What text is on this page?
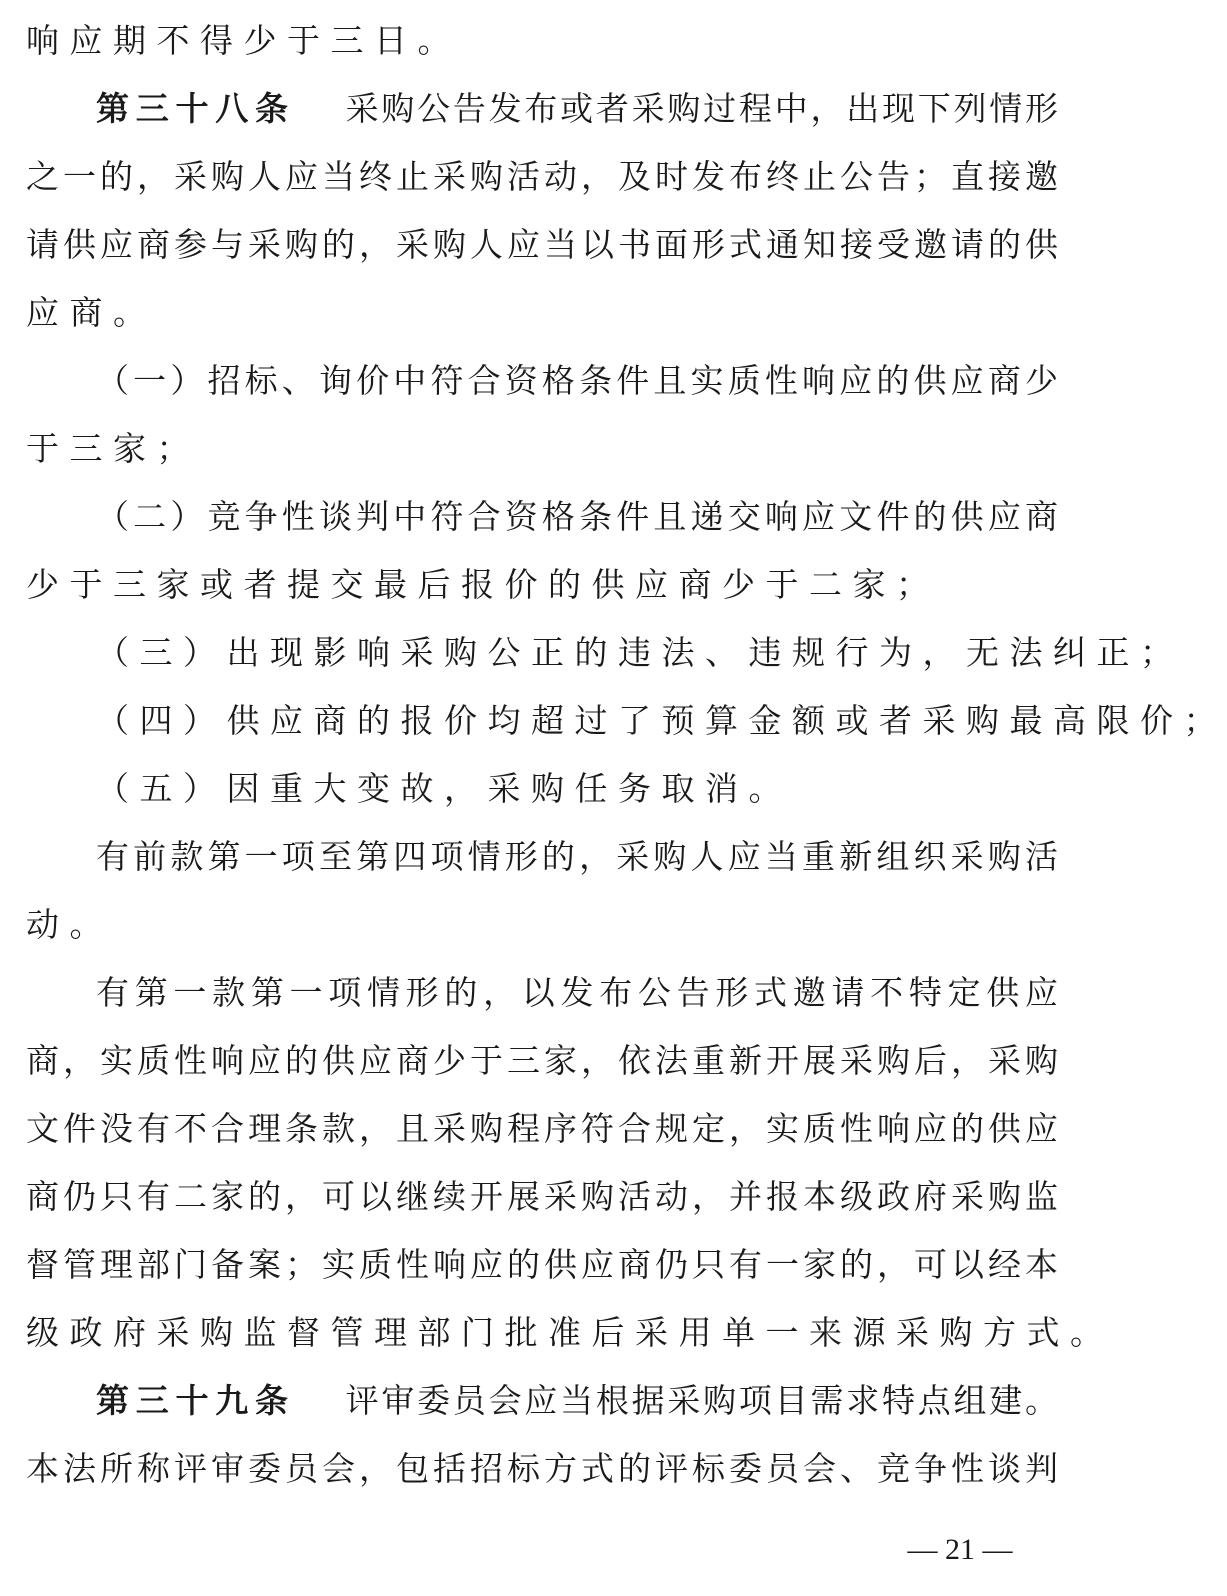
响应期不得少于三日。
第三十八条 采购公告发布或者采购过程中，出现下列情形
之一的，采购人应当终止采购活动，及时发布终止公告；直接邀
请供应商参与采购的，采购人应当以书面形式通知接受邀请的供
应商。
（一）招标、询价中符合资格条件且实质性响应的供应商少
于三家；
（二）竞争性谈判中符合资格条件且递交响应文件的供应商
少于三家或者提交最后报价的供应商少于二家；
（三）出现影响采购公正的违法、违规行为，无法纠正；
（四）供应商的报价均超过了预算金额或者采购最高限价；
（五）因重大变故，采购任务取消。
有前款第一项至第四项情形的，采购人应当重新组织采购活
动。
有第一款第一项情形的，以发布公告形式邀请不特定供应
商，实质性响应的供应商少于三家，依法重新开展采购后，采购
文件没有不合理条款，且采购程序符合规定，实质性响应的供应
商仍只有二家的，可以继续开展采购活动，并报本级政府采购监
督管理部门备案；实质性响应的供应商仍只有一家的，可以经本
级政府采购监督管理部门批准后采用单一来源采购方式。
第三十九条 评审委员会应当根据采购项目需求特点组建。
本法所称评审委员会，包括招标方式的评标委员会、竞争性谈判
— 21 —
